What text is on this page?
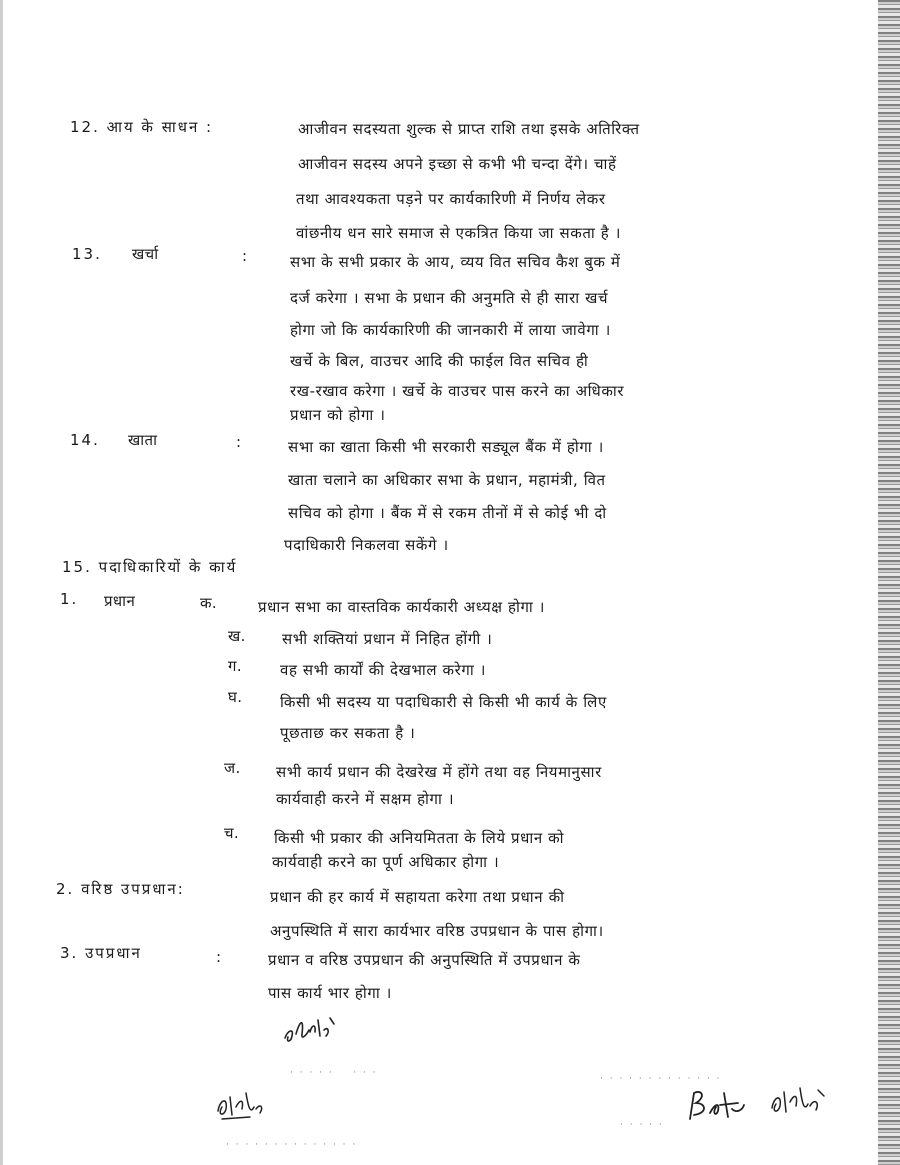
12. आय के साधन :	आजीवन सदस्यता शुल्क से प्राप्त राशि तथा इसके अतिरिक्त
आजीवन सदस्य अपने इच्छा से कभी भी चन्दा देंगे। चाहें
तथा आवश्यकता पड़ने पर कार्यकारिणी में निर्णय लेकर
वांछनीय धन सारे समाज से एकत्रित किया जा सकता है ।
13. खर्चा	:	सभा के सभी प्रकार के आय, व्यय वित सचिव कैश बुक में
दर्ज करेगा । सभा के प्रधान की अनुमति से ही सारा खर्च
होगा जो कि कार्यकारिणी की जानकारी में लाया जावेगा ।
खर्चे के बिल, वाउचर आदि की फाईल वित सचिव ही
रख-रखाव करेगा । खर्चे के वाउचर पास करने का अधिकार
प्रधान को होगा ।
14. खाता	:	सभा का खाता किसी भी सरकारी सड्यूल बैंक में होगा ।
खाता चलाने का अधिकार सभा के प्रधान, महामंत्री, वित
सचिव को होगा । बैंक में से रकम तीनों में से कोई भी दो
पदाधिकारी निकलवा सकेंगे ।
15. पदाधिकारियों के कार्य
1. प्रधान	क.	प्रधान सभा का वास्तविक कार्यकारी अध्यक्ष होगा ।
ख. सभी शक्तियां प्रधान में निहित होंगी ।
ग.	वह सभी कार्यों की देखभाल करेगा ।
घ.	किसी भी सदस्य या पदाधिकारी से किसी भी कार्य के लिए
पूछताछ कर सकता है ।
ज. सभी कार्य प्रधान की देखरेख में होंगे तथा वह नियमानुसार
कार्यवाही करने में सक्षम होगा ।
च. किसी भी प्रकार की अनियमितता के लिये प्रधान को
कार्यवाही करने का पूर्ण अधिकार होगा ।
2. वरिष्ठ उपप्रधान:	प्रधान की हर कार्य में सहायता करेगा तथा प्रधान की
अनुपस्थिति में सारा कार्यभार वरिष्ठ उपप्रधान के पास होगा।
3. उपप्रधान	:	प्रधान व वरिष्ठ उपप्रधान की अनुपस्थिति में उपप्रधान के
पास कार्य भार होगा ।
· · · · ·    · · ·
· · · · · · · · · · · · ·
· · · · ·
· · · · · · · · · · · · · ·
